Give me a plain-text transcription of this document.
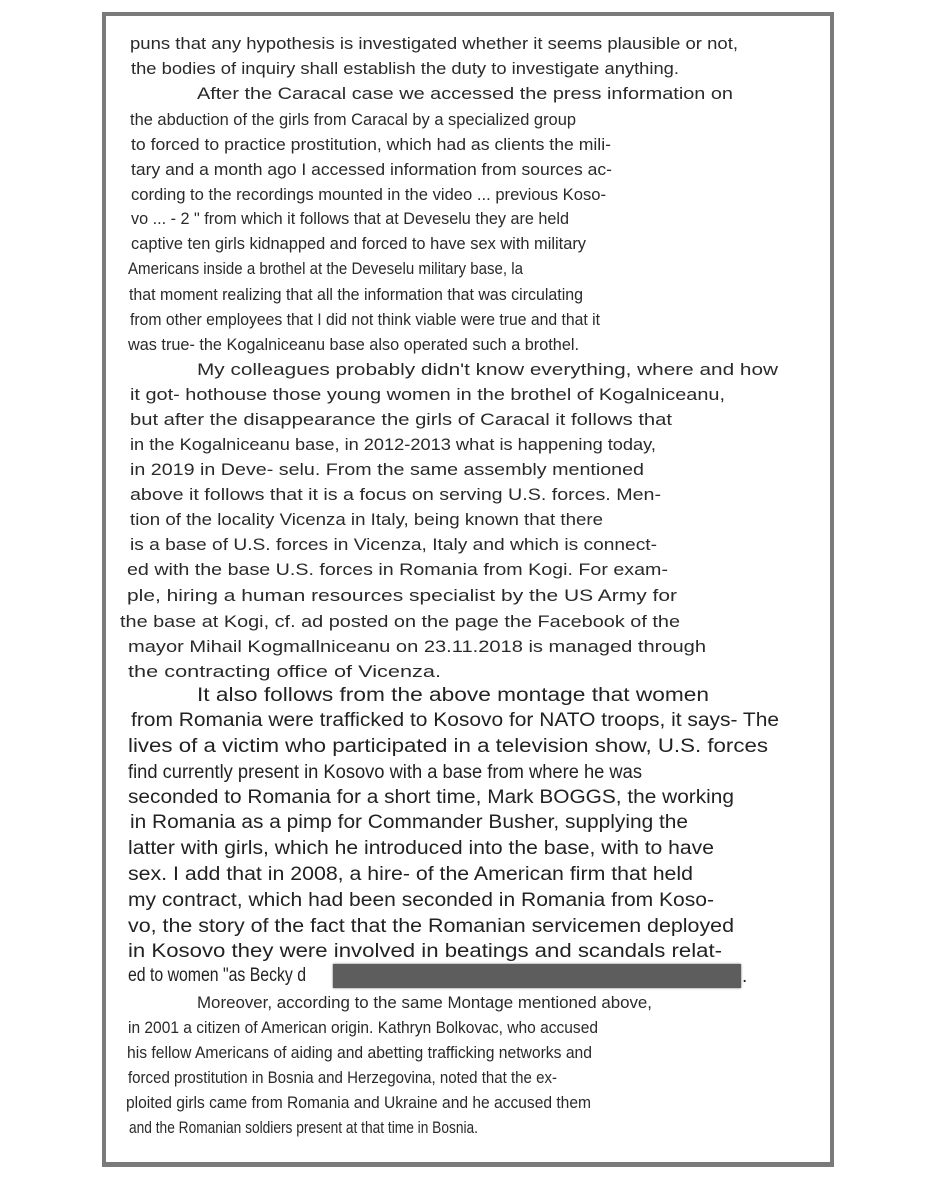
puns that any hypothesis is investigated whether it seems plausible or not,
the bodies of inquiry shall establish the duty to investigate anything.
After the Caracal case we accessed the press information on
the abduction of the girls from Caracal by a specialized group
to forced to practice prostitution, which had as clients the mili-
tary and a month ago I accessed information from sources ac-
cording to the recordings mounted in the video ... previous Koso-
vo ... - 2 " from which it follows that at Deveselu they are held
captive ten girls kidnapped and forced to have sex with military
Americans inside a brothel at the Deveselu military base, la
that moment realizing that all the information that was circulating
from other employees that I did not think viable were true and that it
was true- the Kogalniceanu base also operated such a brothel.
My colleagues probably didn't know everything, where and how
it got- hothouse those young women in the brothel of Kogalniceanu,
but after the disappearance the girls of Caracal it follows that
in the Kogalniceanu base, in 2012-2013 what is happening today,
in 2019 in Deve- selu. From the same assembly mentioned
above it follows that it is a focus on serving U.S. forces. Men-
tion of the locality Vicenza in Italy, being known that there
is a base of U.S. forces in Vicenza, Italy and which is connect-
ed with the base U.S. forces in Romania from Kogi. For exam-
ple, hiring a human resources specialist by the US Army for
the base at Kogi, cf. ad posted on the page the Facebook of the
mayor Mihail Kogmallniceanu on 23.11.2018 is managed through
the contracting office of Vicenza.
It also follows from the above montage that women
from Romania were trafficked to Kosovo for NATO troops, it says- The
lives of a victim who participated in a television show, U.S. forces
find currently present in Kosovo with a base from where he was
seconded to Romania for a short time, Mark BOGGS, the working
in Romania as a pimp for Commander Busher, supplying the
latter with girls, which he introduced into the base, with to have
sex. I add that in 2008, a hire- of the American firm that held
my contract, which had been seconded in Romania from Koso-
vo, the story of the fact that the Romanian servicemen deployed
in Kosovo they were involved in beatings and scandals relat-
ed to women "as Becky d
Moreover, according to the same Montage mentioned above,
in 2001 a citizen of American origin. Kathryn Bolkovac, who accused
his fellow Americans of aiding and abetting trafficking networks and
forced prostitution in Bosnia and Herzegovina, noted that the ex-
ploited girls came from Romania and Ukraine and he accused them
and the Romanian soldiers present at that time in Bosnia.
.
